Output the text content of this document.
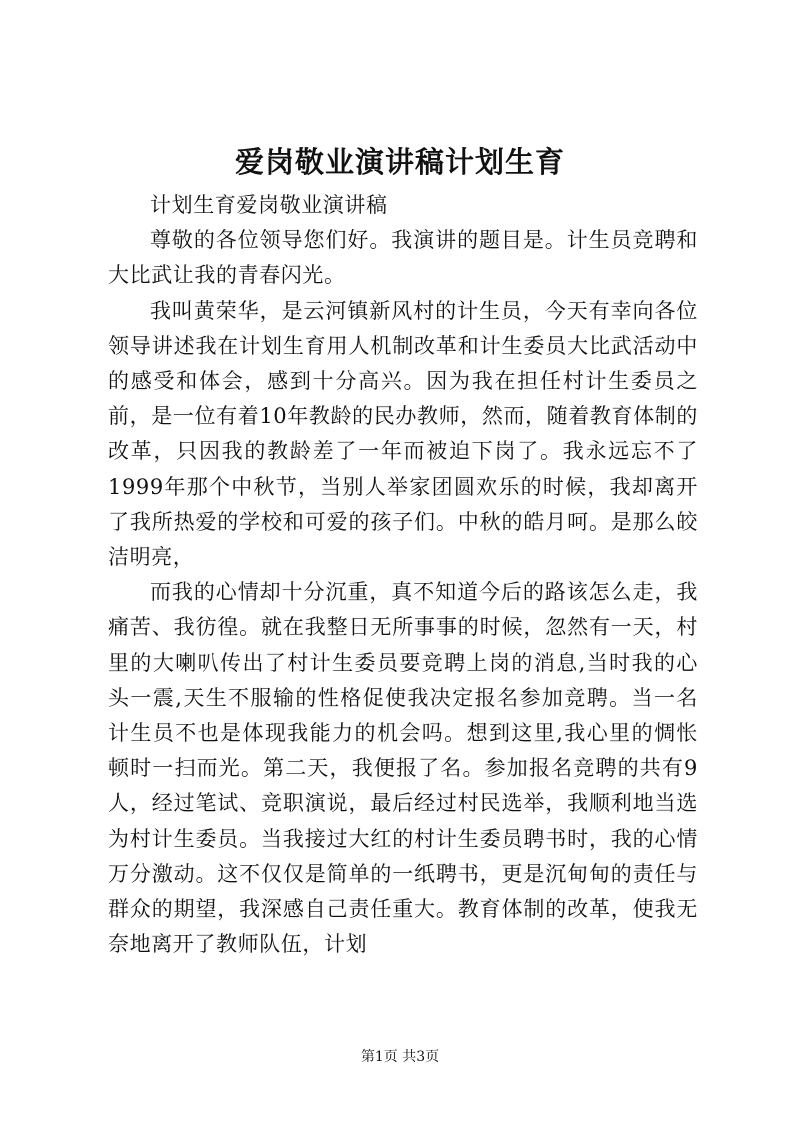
爱岗敬业演讲稿计划生育

计划生育爱岗敬业演讲稿

尊敬的各位领导您们好。我演讲的题目是。计生员竞聘和大比武让我的青春闪光。

我叫黄荣华，是云河镇新风村的计生员，今天有幸向各位领导讲述我在计划生育用人机制改革和计生委员大比武活动中的感受和体会，感到十分高兴。因为我在担任村计生委员之前，是一位有着10年教龄的民办教师，然而，随着教育体制的改革，只因我的教龄差了一年而被迫下岗了。我永远忘不了1999年那个中秋节，当别人举家团圆欢乐的时候，我却离开了我所热爱的学校和可爱的孩子们。中秋的皓月呵。是那么皎洁明亮，

而我的心情却十分沉重，真不知道今后的路该怎么走，我痛苦、我彷徨。就在我整日无所事事的时候，忽然有一天，村里的大喇叭传出了村计生委员要竞聘上岗的消息,当时我的心头一震,天生不服输的性格促使我决定报名参加竞聘。当一名计生员不也是体现我能力的机会吗。想到这里,我心里的惆怅顿时一扫而光。第二天，我便报了名。参加报名竞聘的共有9人，经过笔试、竞职演说，最后经过村民选举，我顺利地当选为村计生委员。当我接过大红的村计生委员聘书时，我的心情万分激动。这不仅仅是简单的一纸聘书，更是沉甸甸的责任与群众的期望，我深感自己责任重大。教育体制的改革，使我无奈地离开了教师队伍，计划

第1页 共3页
